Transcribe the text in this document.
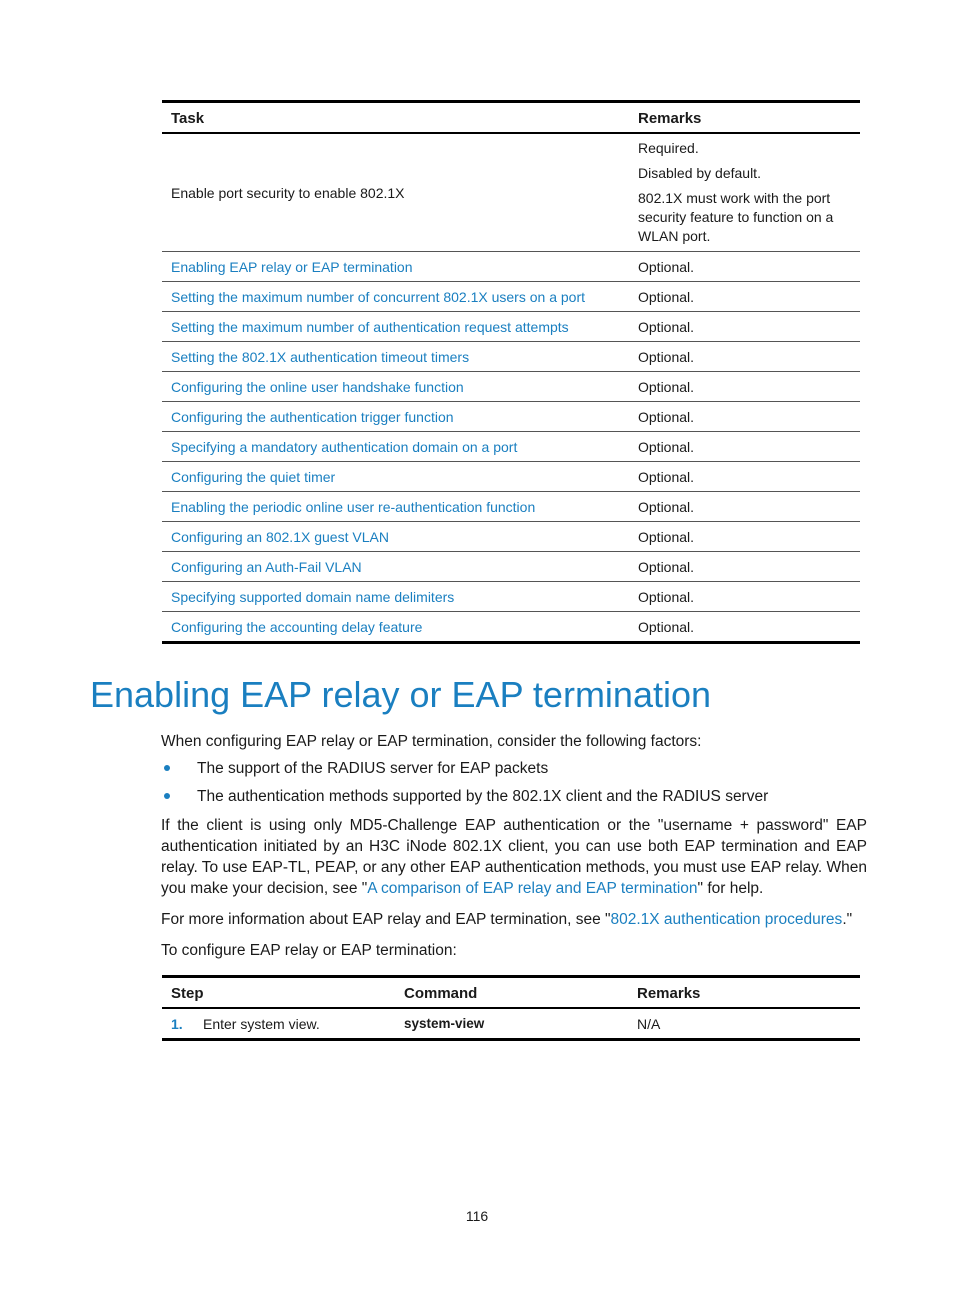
Task	Remarks
Enable port security to enable 802.1X	Required.

Disabled by default.

802.1X must work with the port security feature to function on a WLAN port.

Enabling EAP relay or EAP termination	Optional.
Setting the maximum number of concurrent 802.1X users on a port	Optional.
Setting the maximum number of authentication request attempts	Optional.
Setting the 802.1X authentication timeout timers	Optional.
Configuring the online user handshake function	Optional.
Configuring the authentication trigger function	Optional.
Specifying a mandatory authentication domain on a port	Optional.
Configuring the quiet timer	Optional.
Enabling the periodic online user re-authentication function	Optional.
Configuring an 802.1X guest VLAN	Optional.
Configuring an Auth-Fail VLAN	Optional.
Specifying supported domain name delimiters	Optional.
Configuring the accounting delay feature	Optional.
Enabling EAP relay or EAP termination

When configuring EAP relay or EAP termination, consider the following factors:

The support of the RADIUS server for EAP packets

The authentication methods supported by the 802.1X client and the RADIUS server

If the client is using only MD5-Challenge EAP authentication or the "username + password" EAP authentication initiated by an H3C iNode 802.1X client, you can use both EAP termination and EAP relay. To use EAP-TL, PEAP, or any other EAP authentication methods, you must use EAP relay. When you make your decision, see "A comparison of EAP relay and EAP termination" for help.

For more information about EAP relay and EAP termination, see "802.1X authentication procedures."

To configure EAP relay or EAP termination:

Step	Command	Remarks
1. Enter system view.	system-view	N/A
116
